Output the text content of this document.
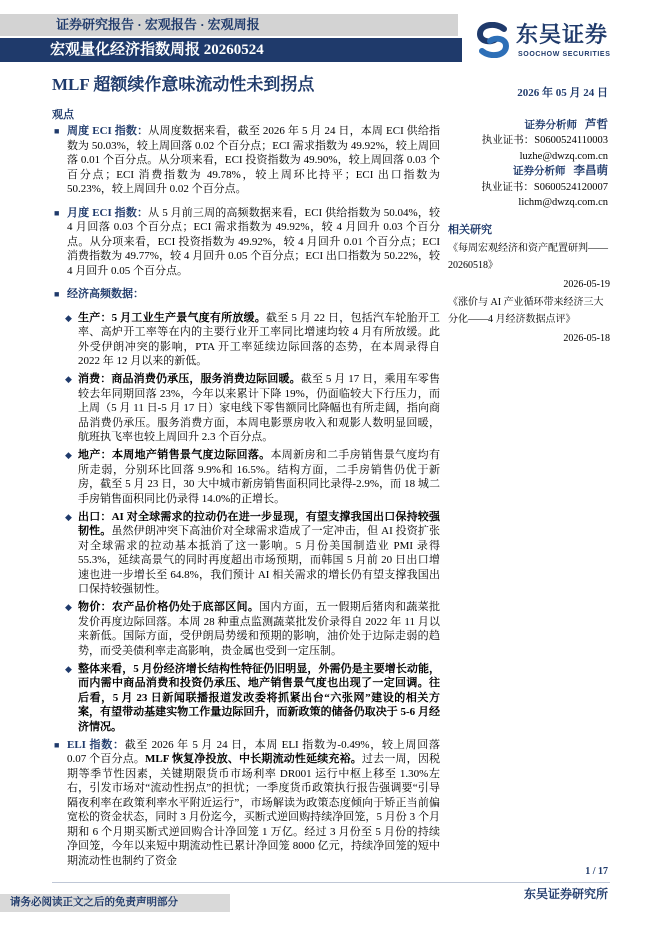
证券研究报告 · 宏观报告 · 宏观周报
宏观量化经济指数周报 20260524
东吴证券
SOOCHOW SECURITIES
MLF 超额续作意味流动性未到拐点	2026 年 05 月 24 日
观点
■ 周度 ECI 指数：从周度数据来看，截至 2026 年 5 月 24 日，本周 ECI 供给指数为 50.03%，较上周回落 0.02 个百分点；ECI 需求指数为 49.92%，较上周回落 0.01 个百分点。从分项来看，ECI 投资指数为 49.90%，较上周回落 0.03 个百分点；ECI 消费指数为 49.78%，较上周环比持平；ECI 出口指数为 50.23%，较上周回升 0.02 个百分点。
■ 月度 ECI 指数：从 5 月前三周的高频数据来看，ECI 供给指数为 50.04%，较 4 月回落 0.03 个百分点；ECI 需求指数为 49.92%，较 4 月回升 0.03 个百分点。从分项来看，ECI 投资指数为 49.92%，较 4 月回升 0.01 个百分点；ECI 消费指数为 49.77%，较 4 月回升 0.05 个百分点；ECI 出口指数为 50.22%，较 4 月回升 0.05 个百分点。
■ 经济高频数据：
◆ 生产：5 月工业生产景气度有所放缓。截至 5 月 22 日，包括汽车轮胎开工率、高炉开工率等在内的主要行业开工率同比增速均较 4 月有所放缓。此外受伊朗冲突的影响，PTA 开工率延续边际回落的态势，在本周录得自 2022 年 12 月以来的新低。
◆ 消费：商品消费仍承压，服务消费边际回暖。截至 5 月 17 日，乘用车零售较去年同期回落 23%，今年以来累计下降 19%，仍面临较大下行压力，而上周（5 月 11 日-5 月 17 日）家电线下零售额同比降幅也有所走阔，指向商品消费仍承压。服务消费方面，本周电影票房收入和观影人数明显回暖，航班执飞率也较上周回升 2.3 个百分点。
◆ 地产：本周地产销售景气度边际回落。本周新房和二手房销售景气度均有所走弱，分别环比回落 9.9%和 16.5%。结构方面，二手房销售仍优于新房，截至 5 月 23 日，30 大中城市新房销售面积同比录得-2.9%，而 18 城二手房销售面积同比仍录得 14.0%的正增长。
◆ 出口：AI 对全球需求的拉动仍在进一步显现，有望支撑我国出口保持较强韧性。虽然伊朗冲突下高油价对全球需求造成了一定冲击，但 AI 投资扩张对全球需求的拉动基本抵消了这一影响。5 月份美国制造业 PMI 录得 55.3%，延续高景气的同时再度超出市场预期，而韩国 5 月前 20 日出口增速也进一步增长至 64.8%，我们预计 AI 相关需求的增长仍有望支撑我国出口保持较强韧性。
◆ 物价：农产品价格仍处于底部区间。国内方面，五一假期后猪肉和蔬菜批发价再度边际回落。本周 28 种重点监测蔬菜批发价录得自 2022 年 11 月以来新低。国际方面，受伊朗局势缓和预期的影响，油价处于边际走弱的趋势，而受美债利率走高影响，贵金属也受到一定压制。
◆ 整体来看，5 月份经济增长结构性特征仍旧明显，外需仍是主要增长动能，而内需中商品消费和投资仍承压、地产销售景气度也出现了一定回调。往后看，5 月 23 日新闻联播报道发改委将抓紧出台“六张网”建设的相关方案，有望带动基建实物工作量边际回升，而新政策的储备仍取决于 5-6 月经济情况。
■ ELI 指数：截至 2026 年 5 月 24 日，本周 ELI 指数为-0.49%，较上周回落 0.07 个百分点。MLF 恢复净投放、中长期流动性延续充裕。过去一周，因税期等季节性因素，关键期限货币市场利率 DR001 运行中枢上移至 1.30%左右，引发市场对“流动性拐点”的担忧；一季度货币政策执行报告强调要“引导隔夜利率在政策利率水平附近运行”，市场解读为政策态度倾向于矫正当前偏宽松的资金状态，同时 3 月份迄今，买断式逆回购持续净回笼，5 月份 3 个月期和 6 个月期买断式逆回购合计净回笼 1 万亿。经过 3 月份至 5 月份的持续净回笼，今年以来短中期流动性已累计净回笼 8000 亿元，持续净回笼的短中期流动性也制约了资金
证券分析师 芦哲
执业证书：S0600524110003
luzhe@dwzq.com.cn
证券分析师 李昌萌
执业证书：S0600524120007
lichm@dwzq.com.cn
相关研究
《每周宏观经济和资产配置研判——20260518》
2026-05-19
《涨价与 AI 产业循环带来经济三大分化——4 月经济数据点评》
2026-05-18
1 / 17
东吴证券研究所
请务必阅读正文之后的免责声明部分
